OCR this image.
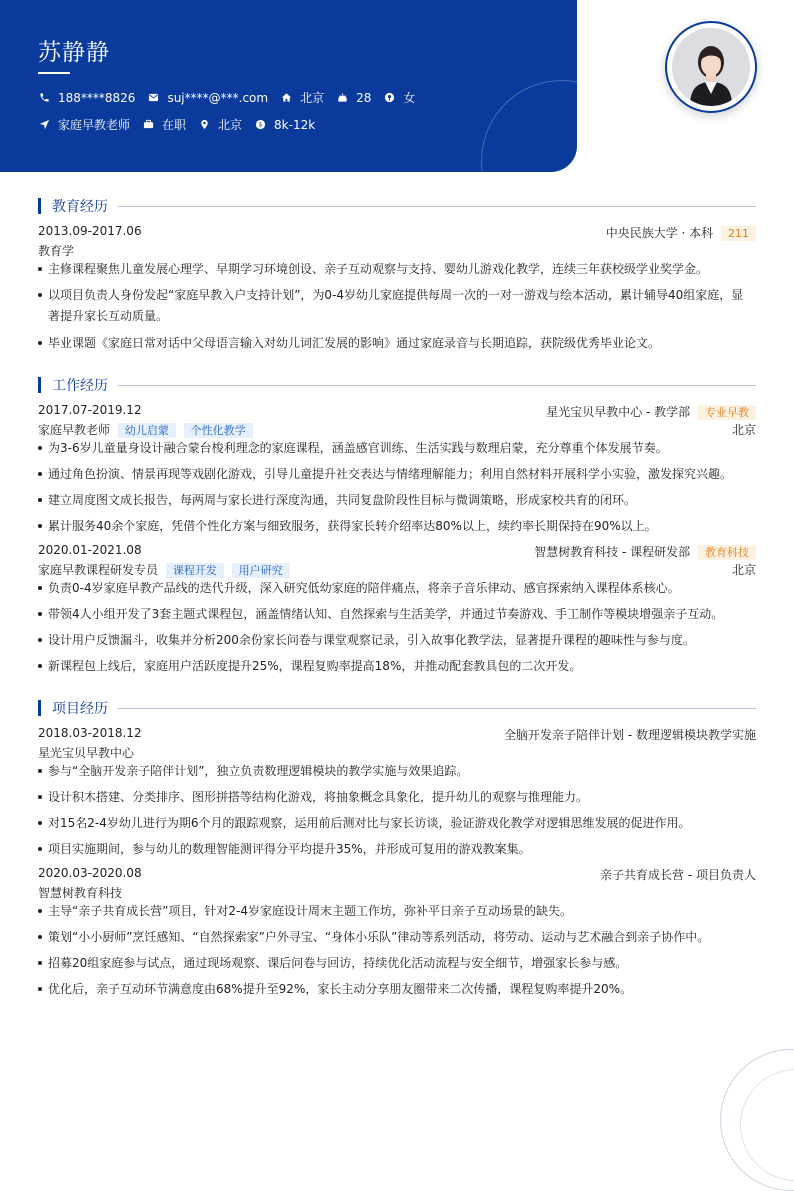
苏静静
188****8826	suj****@***.com	北京	28	女
家庭早教老师	在职	北京 $ 8k-12k
教育经历
2013.09-2017.06	中央民族大学 · 本科 211
教育学
主修课程聚焦儿童发展心理学、早期学习环境创设、亲子互动观察与支持、婴幼儿游戏化教学，连续三年获校级学业奖学金。
以项目负责人身份发起“家庭早教入户支持计划”，为0-4岁幼儿家庭提供每周一次的一对一游戏与绘本活动，累计辅导40组家庭，显著提升家长互动质量。
毕业课题《家庭日常对话中父母语言输入对幼儿词汇发展的影响》通过家庭录音与长期追踪，获院级优秀毕业论文。
工作经历
2017.07-2019.12	星光宝贝早教中心 - 教学部 专业早教
家庭早教老师 幼儿启蒙 个性化教学	北京
为3-6岁儿童量身设计融合蒙台梭利理念的家庭课程，涵盖感官训练、生活实践与数理启蒙，充分尊重个体发展节奏。
通过角色扮演、情景再现等戏剧化游戏，引导儿童提升社交表达与情绪理解能力；利用自然材料开展科学小实验，激发探究兴趣。
建立周度图文成长报告，每两周与家长进行深度沟通，共同复盘阶段性目标与微调策略，形成家校共育的闭环。
累计服务40余个家庭，凭借个性化方案与细致服务，获得家长转介绍率达80%以上，续约率长期保持在90%以上。
2020.01-2021.08	智慧树教育科技 - 课程研发部 教育科技
家庭早教课程研发专员 课程开发 用户研究	北京
负责0-4岁家庭早教产品线的迭代升级，深入研究低幼家庭的陪伴痛点，将亲子音乐律动、感官探索纳入课程体系核心。
带领4人小组开发了3套主题式课程包，涵盖情绪认知、自然探索与生活美学，并通过节奏游戏、手工制作等模块增强亲子互动。
设计用户反馈漏斗，收集并分析200余份家长问卷与课堂观察记录，引入故事化教学法，显著提升课程的趣味性与参与度。
新课程包上线后，家庭用户活跃度提升25%，课程复购率提高18%，并推动配套教具包的二次开发。
项目经历
2018.03-2018.12	全脑开发亲子陪伴计划 - 数理逻辑模块教学实施
星光宝贝早教中心
参与“全脑开发亲子陪伴计划”，独立负责数理逻辑模块的教学实施与效果追踪。
设计积木搭建、分类排序、图形拼搭等结构化游戏，将抽象概念具象化，提升幼儿的观察与推理能力。
对15名2-4岁幼儿进行为期6个月的跟踪观察，运用前后测对比与家长访谈，验证游戏化教学对逻辑思维发展的促进作用。
项目实施期间，参与幼儿的数理智能测评得分平均提升35%，并形成可复用的游戏教案集。
2020.03-2020.08	亲子共育成长营 - 项目负责人
智慧树教育科技
主导“亲子共育成长营”项目，针对2-4岁家庭设计周末主题工作坊，弥补平日亲子互动场景的缺失。
策划“小小厨师”烹饪感知、“自然探索家”户外寻宝、“身体小乐队”律动等系列活动，将劳动、运动与艺术融合到亲子协作中。
招募20组家庭参与试点，通过现场观察、课后问卷与回访，持续优化活动流程与安全细节，增强家长参与感。
优化后，亲子互动环节满意度由68%提升至92%，家长主动分享朋友圈带来二次传播，课程复购率提升20%。
